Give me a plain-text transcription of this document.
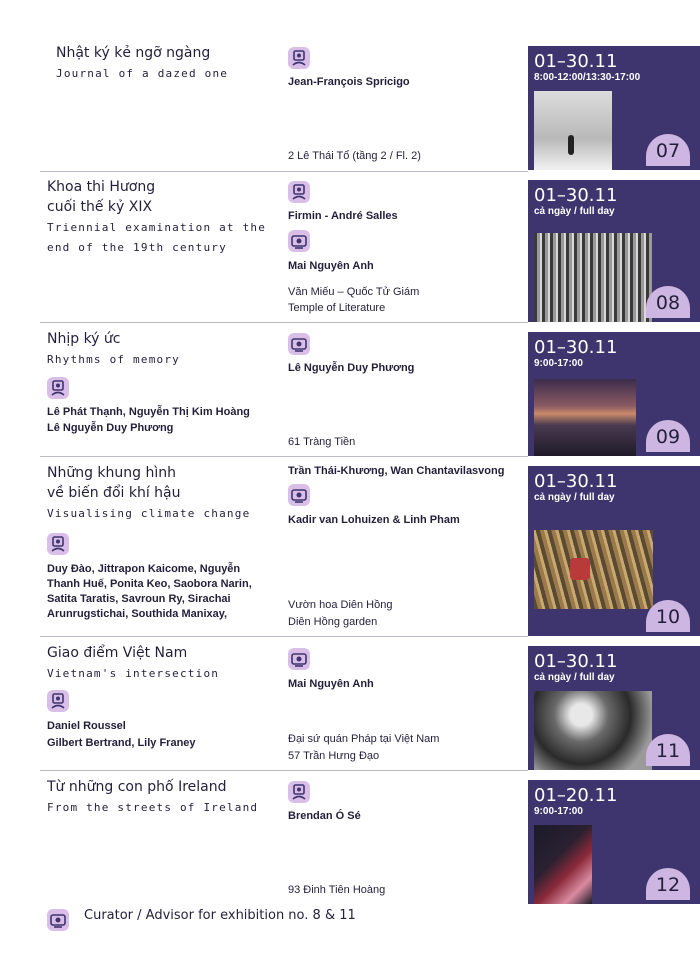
Nhật ký kẻ ngỡ ngàng
Journal of a dazed one
Jean-François Spricigo
2 Lê Thái Tổ (tầng 2 / Fl. 2)
01–30.11
8:00-12:00/13:30-17:00
07
Khoa thi Hương
cuối thế kỷ XIX
Triennial examination at the
end of the 19th century
Firmin - André Salles
Mai Nguyên Anh
Văn Miếu – Quốc Tử Giám
Temple of Literature
01–30.11
cả ngày / full day
08
Nhịp ký ức
Rhythms of memory
Lê Phát Thạnh, Nguyễn Thị Kim Hoàng
Lê Nguyễn Duy Phương
Lê Nguyễn Duy Phương
61 Tràng Tiền
01–30.11
9:00-17:00
09
Những khung hình
về biến đổi khí hậu
Visualising climate change
Duy Đào, Jittrapon Kaicome, Nguyễn
Thanh Huế, Ponita Keo, Saobora Narin,
Satita Taratis, Savroun Ry, Sirachai
Arunrugstichai, Southida Manixay,
Trần Thái-Khương, Wan Chantavilasvong
Kadir van Lohuizen & Linh Pham
Vườn hoa Diên Hồng
Diên Hồng garden
01–30.11
cả ngày / full day
10
Giao điểm Việt Nam
Vietnam's intersection
Daniel Roussel
Gilbert Bertrand, Lily Franey
Mai Nguyên Anh
Đại sứ quán Pháp tại Việt Nam
57 Trần Hưng Đạo
01–30.11
cả ngày / full day
11
Từ những con phố Ireland
From the streets of Ireland
Brendan Ó Sé
93 Đinh Tiên Hoàng
01–20.11
9:00-17:00
12
Curator / Advisor for exhibition no. 8 & 11
